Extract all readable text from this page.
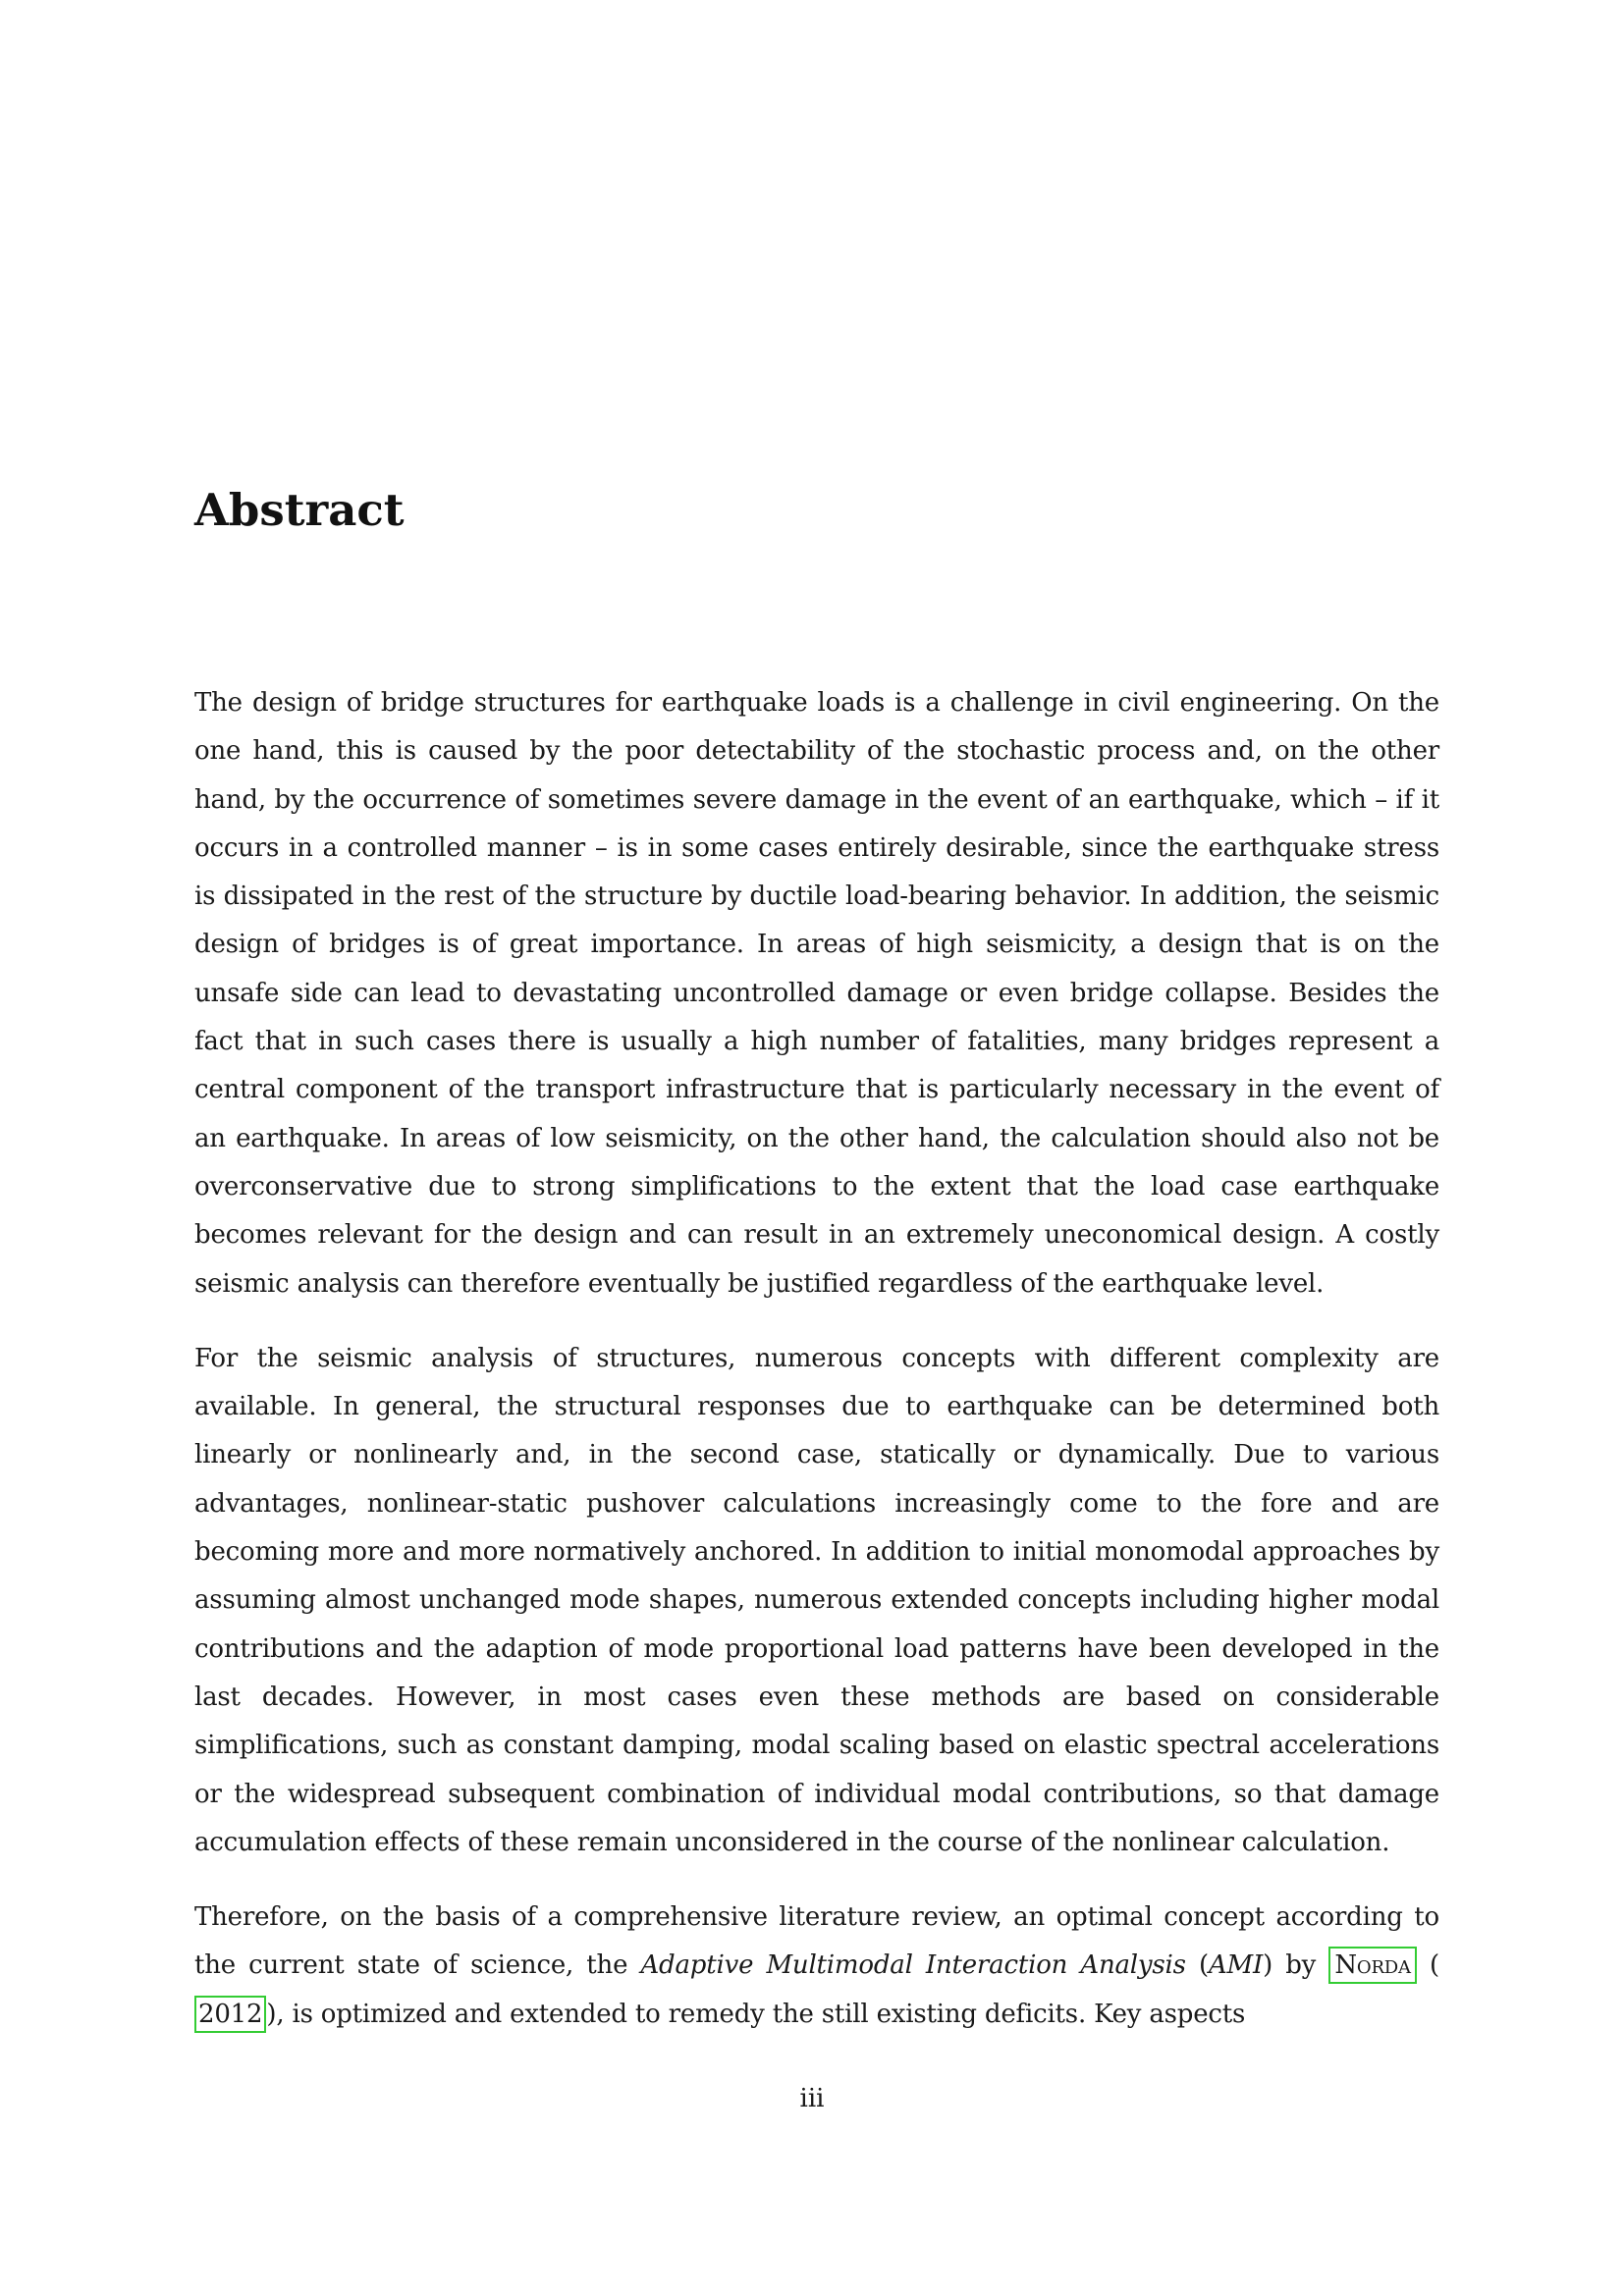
Abstract

The design of bridge structures for earthquake loads is a challenge in civil engineering. On the one hand, this is caused by the poor detectability of the stochastic process and, on the other hand, by the occurrence of sometimes severe damage in the event of an earthquake, which – if it occurs in a controlled manner – is in some cases entirely desirable, since the earthquake stress is dissipated in the rest of the structure by ductile load-bearing behavior. In addition, the seismic design of bridges is of great importance. In areas of high seismicity, a design that is on the unsafe side can lead to devastating uncontrolled damage or even bridge collapse. Besides the fact that in such cases there is usually a high number of fatalities, many bridges represent a central component of the transport infrastructure that is particularly necessary in the event of an earthquake. In areas of low seismicity, on the other hand, the calculation should also not be overconservative due to strong simplifications to the extent that the load case earthquake becomes relevant for the design and can result in an extremely uneconomical design. A costly seismic analysis can therefore eventually be justified regardless of the earthquake level.

For the seismic analysis of structures, numerous concepts with different complexity are available. In general, the structural responses due to earthquake can be determined both linearly or nonlinearly and, in the second case, statically or dynamically. Due to various advantages, nonlinear-static pushover calculations increasingly come to the fore and are becoming more and more normatively anchored. In addition to initial monomodal approaches by assuming almost unchanged mode shapes, numerous extended concepts including higher modal contributions and the adaption of mode proportional load patterns have been developed in the last decades. However, in most cases even these methods are based on considerable simplifications, such as constant damping, modal scaling based on elastic spectral accelerations or the widespread subsequent combination of individual modal contributions, so that damage accumulation effects of these remain unconsidered in the course of the nonlinear calculation.

Therefore, on the basis of a comprehensive literature review, an optimal concept according to the current state of science, the Adaptive Multimodal Interaction Analysis (AMI) by Norda (2012 ), is optimized and extended to remedy the still existing deficits. Key aspects

iii
